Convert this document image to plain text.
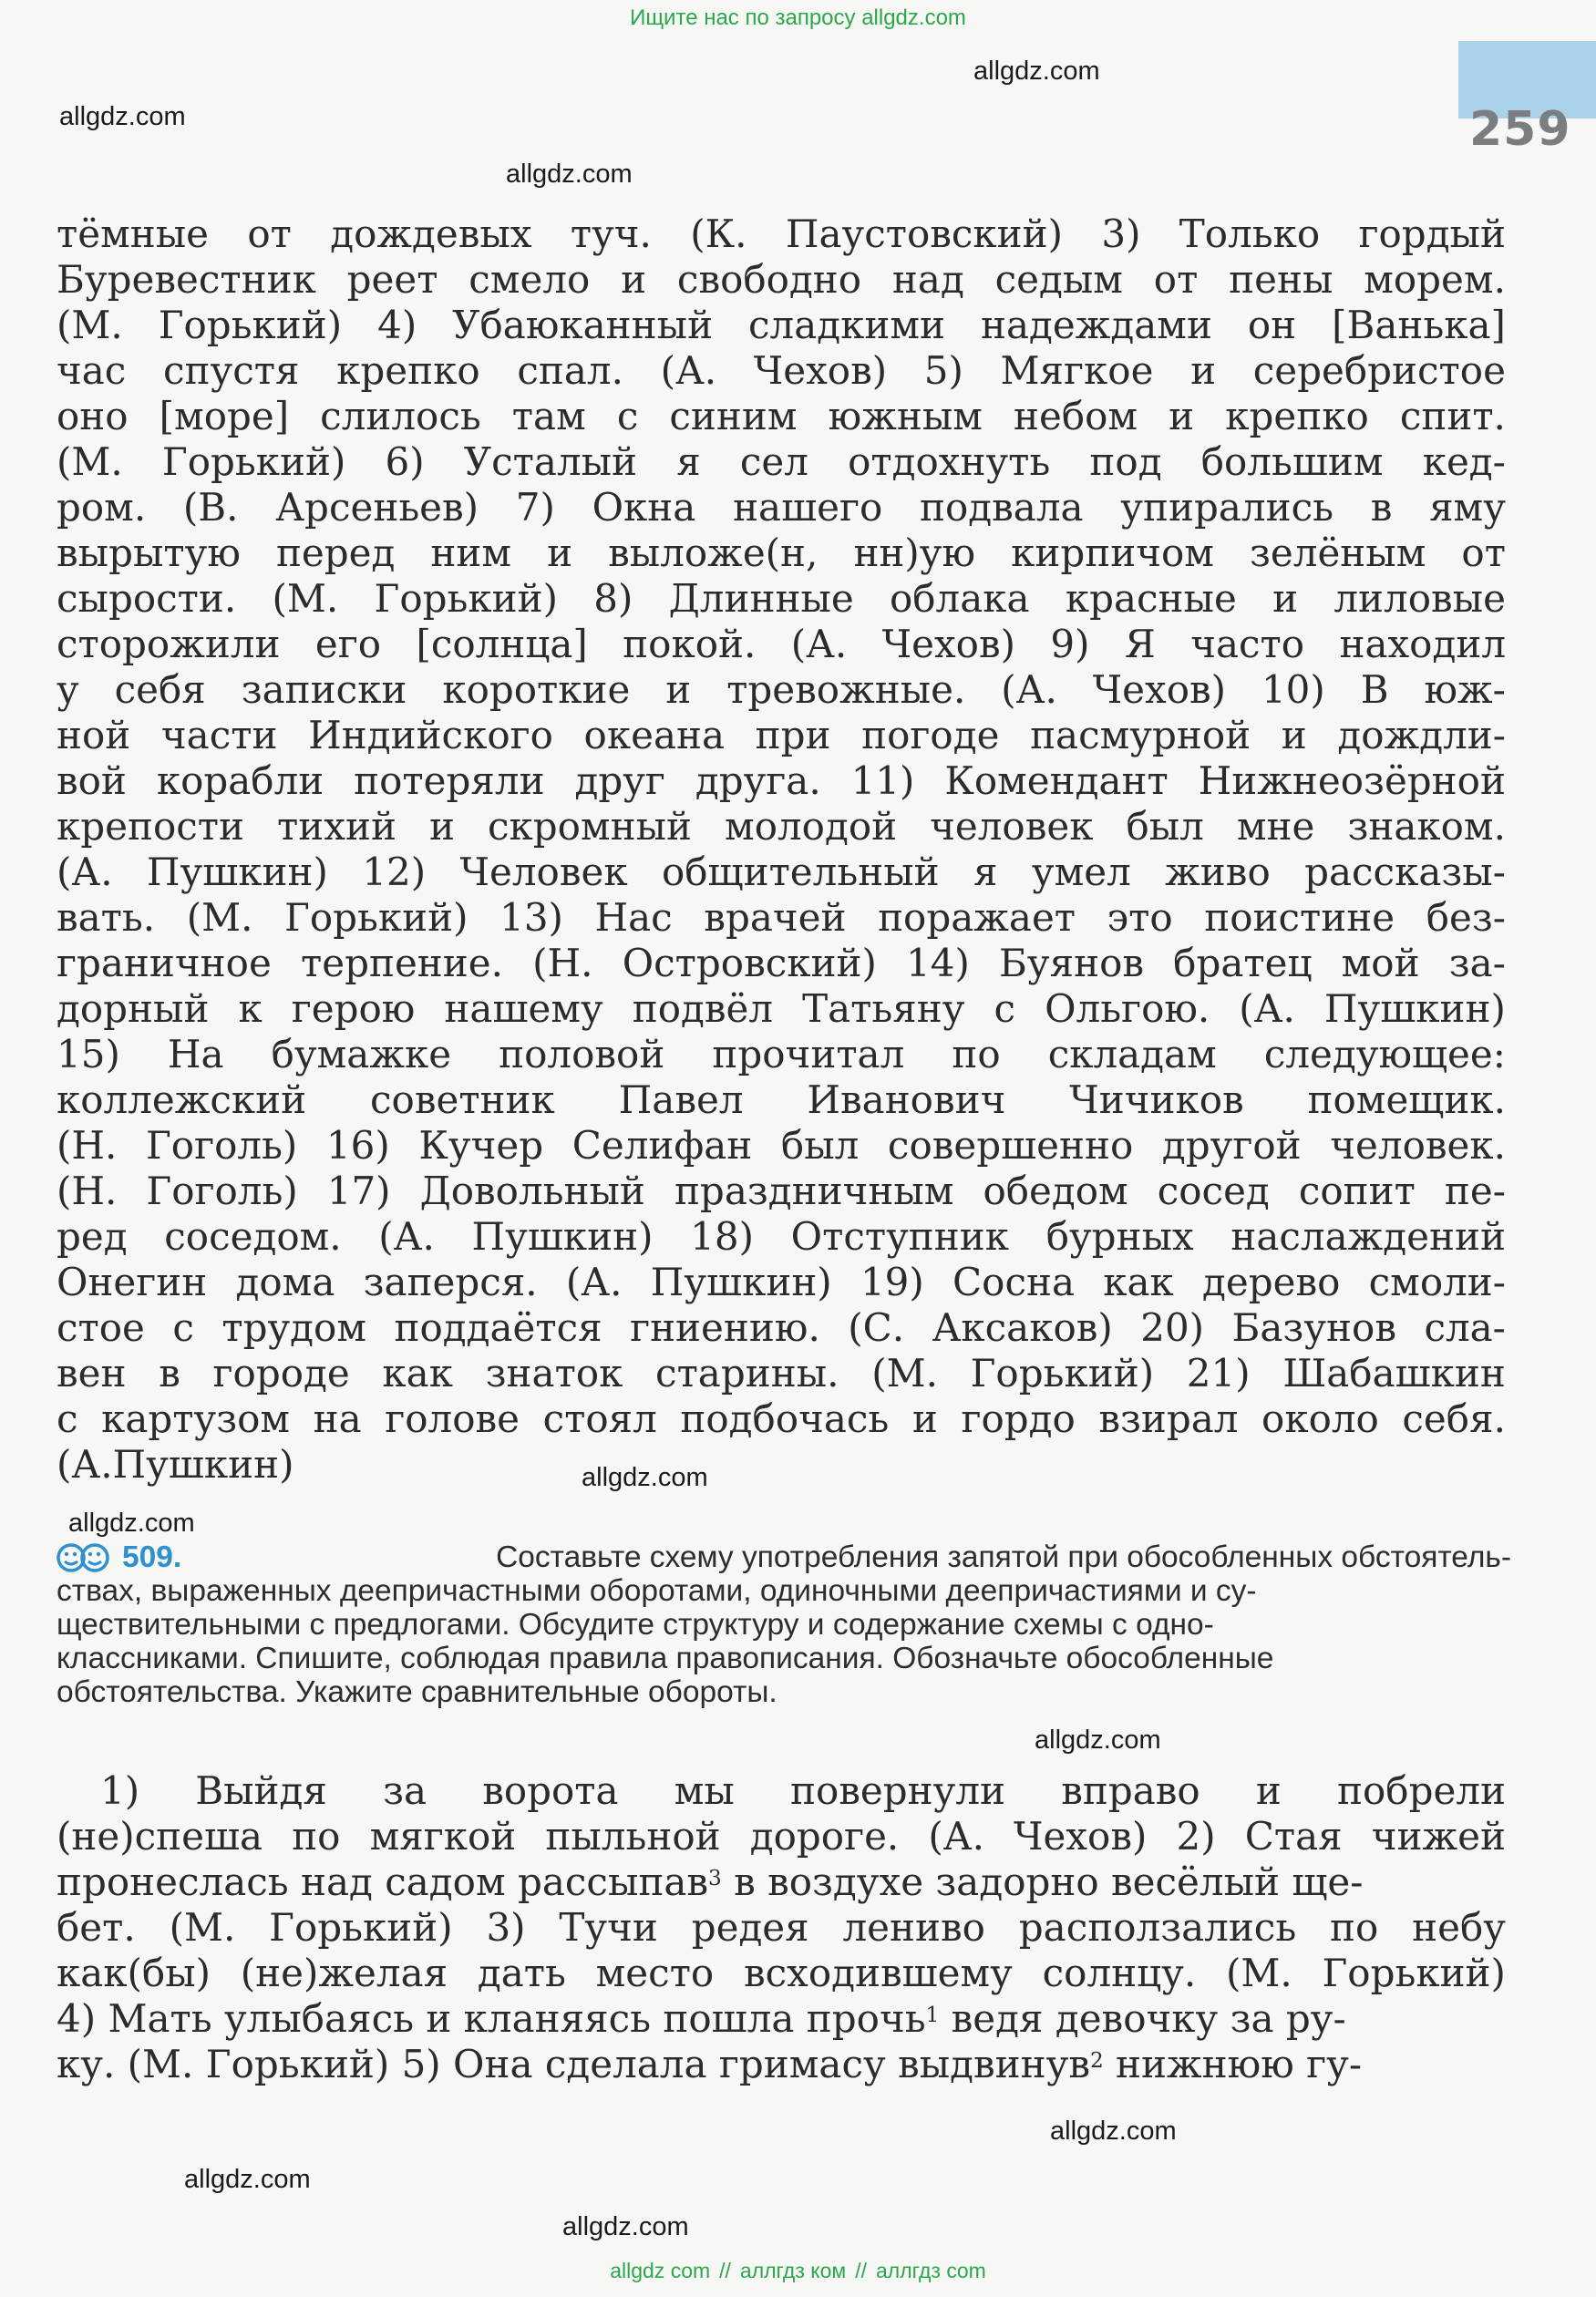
Ищите нас по запросу allgdz.com
259
allgdz.com
allgdz.com
allgdz.com
allgdz.com
allgdz.com
allgdz.com
allgdz.com
allgdz.com
allgdz.com
тёмные от дождевых туч. (К. Паустовский) 3) Только гордый
Буревестник реет смело и свободно над седым от пены морем.
(М. Горький) 4) Убаюканный сладкими надеждами он [Ванька]
час спустя крепко спал. (А. Чехов) 5) Мягкое и серебристое
оно [море] слилось там с синим южным небом и крепко спит.
(М. Горький) 6) Усталый я сел отдохнуть под большим кед-
ром. (В. Арсеньев) 7) Окна нашего подвала упирались в яму
вырытую перед ним и выложе(н, нн)ую кирпичом зелёным от
сырости. (М. Горький) 8) Длинные облака красные и лиловые
сторожили его [солнца] покой. (А. Чехов) 9) Я часто находил
у себя записки короткие и тревожные. (А. Чехов) 10) В юж-
ной части Индийского океана при погоде пасмурной и дождли-
вой корабли потеряли друг друга. 11) Комендант Нижнеозёрной
крепости тихий и скромный молодой человек был мне знаком.
(А. Пушкин) 12) Человек общительный я умел живо рассказы-
вать. (М. Горький) 13) Нас врачей поражает это поистине без-
граничное терпение. (Н. Островский) 14) Буянов братец мой за-
дорный к герою нашему подвёл Татьяну с Ольгою. (А. Пушкин)
15) На бумажке половой прочитал по складам следующее:
коллежский советник Павел Иванович Чичиков помещик.
(Н. Гоголь) 16) Кучер Селифан был совершенно другой человек.
(Н. Гоголь) 17) Довольный праздничным обедом сосед сопит пе-
ред соседом. (А. Пушкин) 18) Отступник бурных наслаждений
Онегин дома заперся. (А. Пушкин) 19) Сосна как дерево смоли-
стое с трудом поддаётся гниению. (С. Аксаков) 20) Базунов сла-
вен в городе как знаток старины. (М. Горький) 21) Шабашкин
с картузом на голове стоял подбочась и гордо взирал около себя.
(А. Пушкин)
509.	Составьте схему употребления запятой при обособленных обстоятель-
ствах, выраженных деепричастными оборотами, одиночными деепричастиями и су-
ществительными с предлогами. Обсудите структуру и содержание схемы с одно-
классниками. Спишите, соблюдая правила правописания. Обозначьте обособленные
обстоятельства. Укажите сравнительные обороты.
1) Выйдя за ворота мы повернули вправо и побрели
(не)спеша по мягкой пыльной дороге. (А. Чехов) 2) Стая чижей
пронеслась над садом рассыпав$^3$ в воздухе задорно весёлый ще-
бет. (М. Горький) 3) Тучи редея лениво расползались по небу
как(бы) (не)желая дать место всходившему солнцу. (М. Горький)
4) Мать улыбаясь и кланяясь пошла прочь$^1$ ведя девочку за ру-
ку. (М. Горький) 5) Она сделала гримасу выдвинув$^2$ нижнюю гу-
allgdz com // аллгдз ком // аллгдз com
